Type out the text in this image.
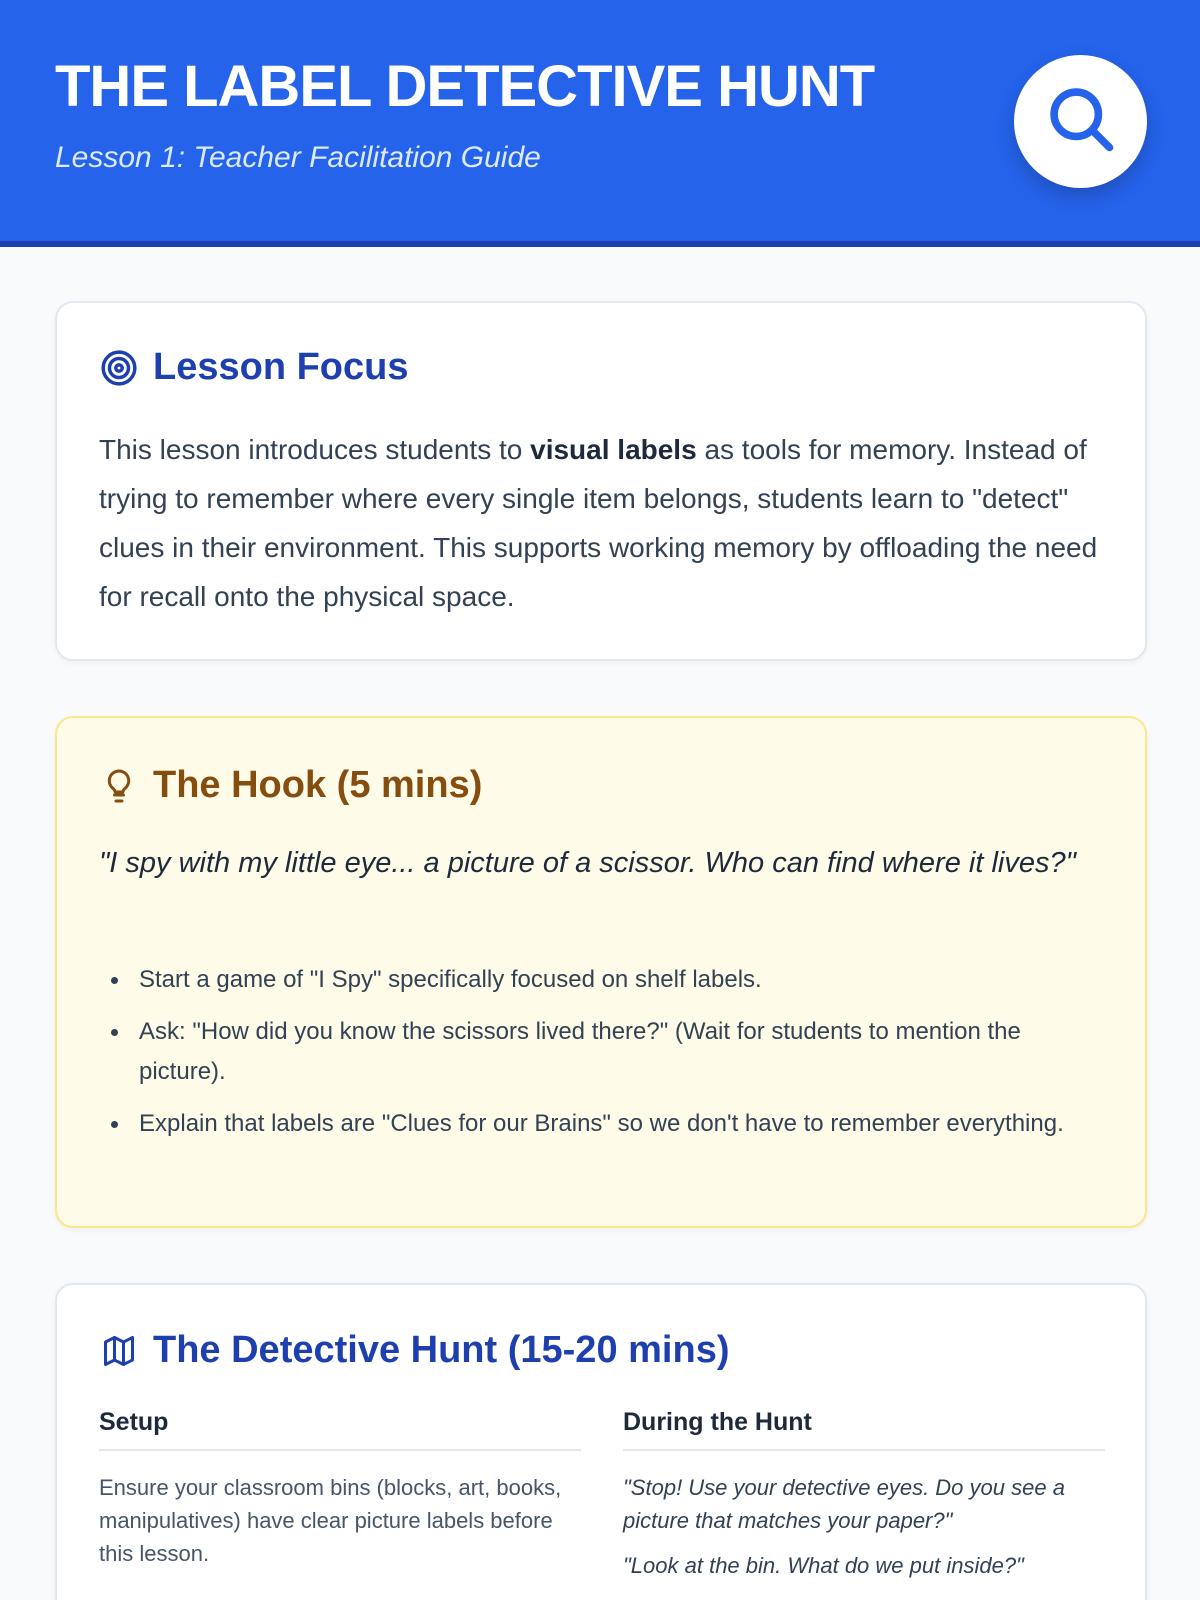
THE LABEL DETECTIVE HUNT
Lesson 1: Teacher Facilitation Guide
Lesson Focus

This lesson introduces students to visual labels as tools for memory. Instead of trying to remember where every single item belongs, students learn to "detect" clues in their environment. This supports working memory by offloading the need for recall onto the physical space.

The Hook (5 mins)

"I spy with my little eye... a picture of a scissor. Who can find where it lives?"

Start a game of "I Spy" specifically focused on shelf labels.
Ask: "How did you know the scissors lived there?" (Wait for students to mention the picture).
Explain that labels are "Clues for our Brains" so we don't have to remember everything.
The Detective Hunt (15-20 mins)
Setup

Ensure your classroom bins (blocks, art, books, manipulatives) have clear picture labels before this lesson.

During the Hunt

"Stop! Use your detective eyes. Do you see a picture that matches your paper?"

"Look at the bin. What do we put inside?"
